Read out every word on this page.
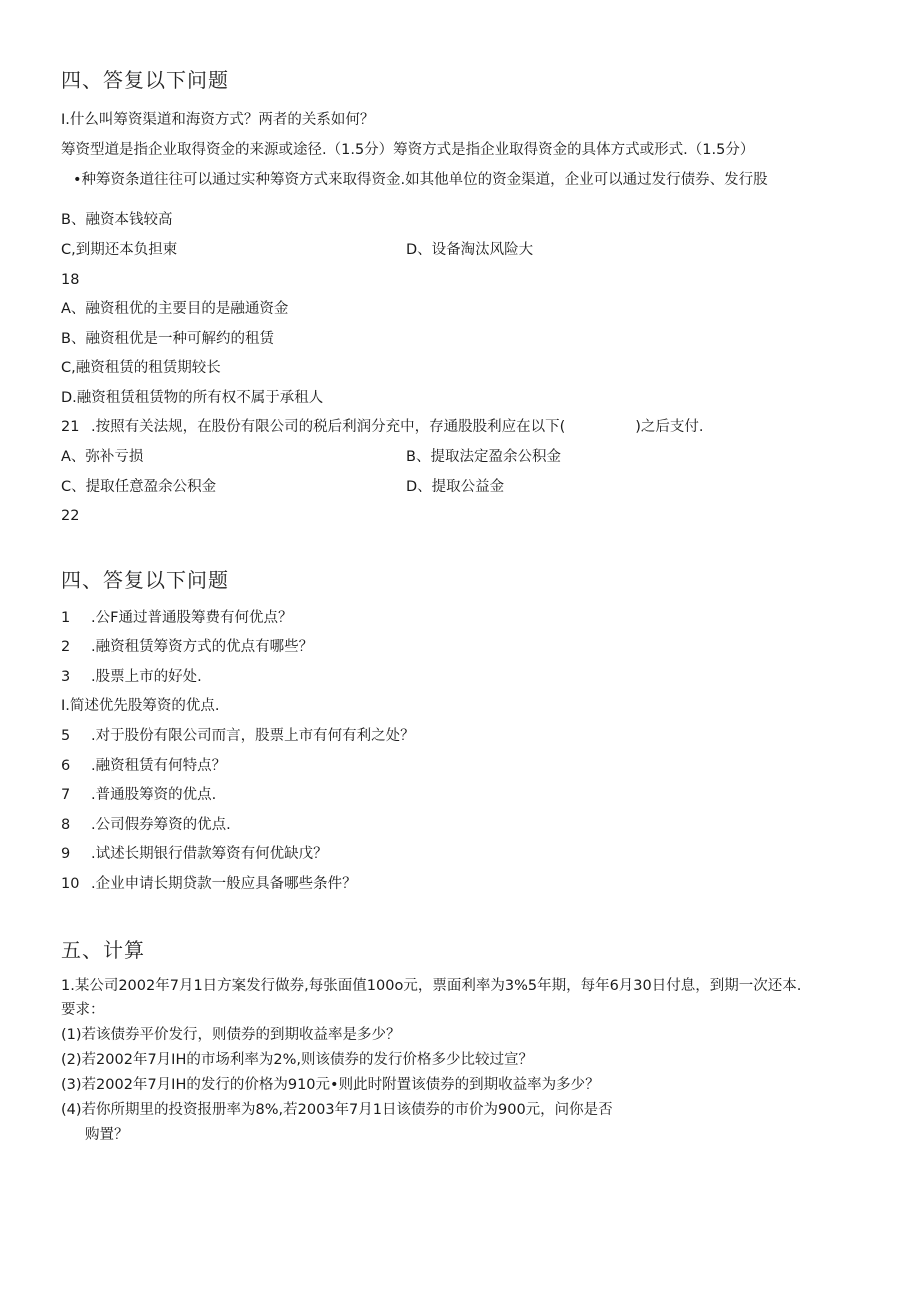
四、答复以下问题
I.什么叫筹资渠道和海资方式？两者的关系如何？
筹资型道是指企业取得资金的来源或途径.（1.5分）筹资方式是指企业取得资金的具体方式或形式.（1.5分）
•种筹资条道往往可以通过实种筹资方式来取得资金.如其他单位的资金渠道，企业可以通过发行债券、发行股
B、融资本钱较高
C,到期还本负担柬	D、设备淘汰风险大
18
A、融资租优的主要目的是融通资金
B、融资租优是一种可解约的租赁
C,融资租赁的租赁期较长
D.融资租赁租赁物的所有权不属于承租人
21 .按照有关法规，在股份有限公司的税后利润分充中，存通股股利应在以下(	)之后支付.
A、弥补亏损	B、提取法定盈余公积金
C、提取任意盈余公积金	D、提取公益金
22
四、答复以下问题
1 .公F通过普通股筹费有何优点？
2 .融资租赁筹资方式的优点有哪些？
3 .股票上市的好处.
I.简述优先股筹资的优点.
5 .对于股份有限公司而言，股票上市有何有利之处？
6 .融资租赁有何特点？
7 .普通股筹资的优点.
8 .公司假券筹资的优点.
9 .试述长期银行借款筹资有何优缺戊？
10 .企业申请长期贷款一般应具备哪些条件？
五、计算
1.某公司2002年7月1日方案发行做券,每张面值100o元，票面利率为3%5年期，每年6月30日付息，到期一次还本.
要求：
(1)若该债券平价发行，则债券的到期收益率是多少？
(2)若2002年7月IH的市场利率为2%,则该债券的发行价格多少比较过宣？
(3)若2002年7月IH的发行的价格为910元•则此时附置该债券的到期收益率为多少？
(4)若你所期里的投资报册率为8%,若2003年7月1日该债券的市价为900元，问你是否
购置？
